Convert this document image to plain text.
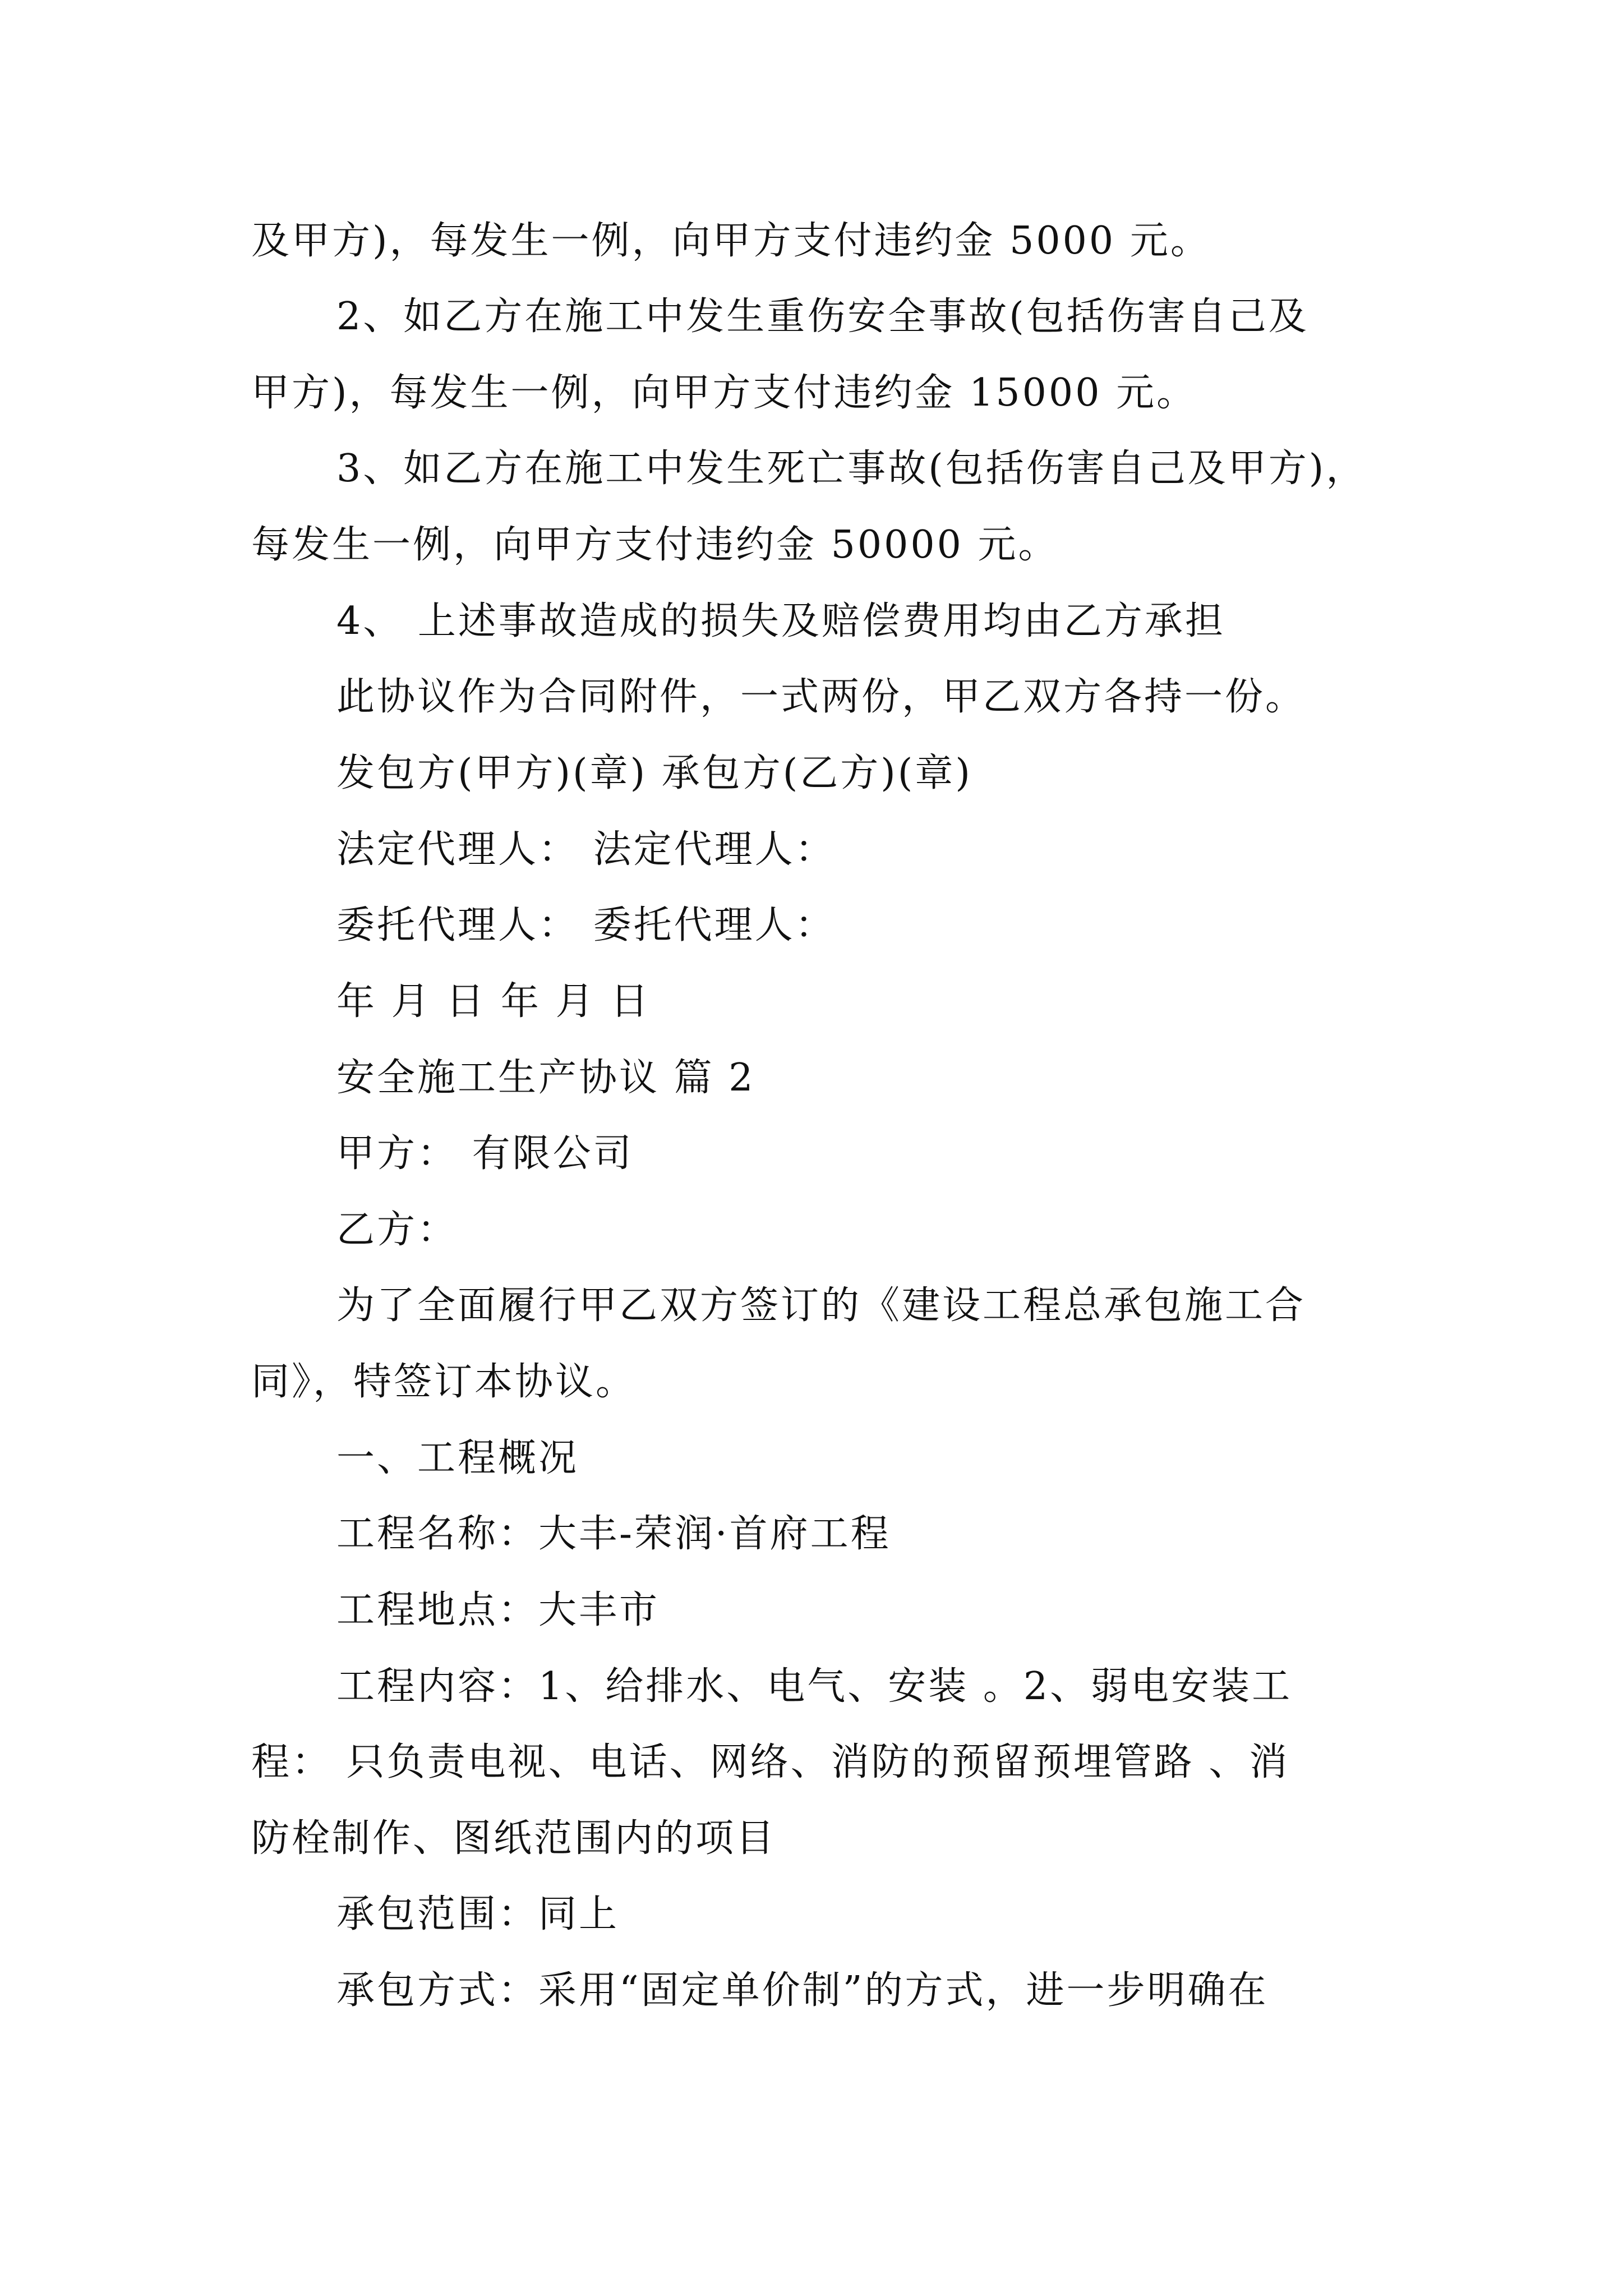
及甲方)，每发生一例，向甲方支付违约金 5000 元。
2、如乙方在施工中发生重伤安全事故(包括伤害自己及
甲方)，每发生一例，向甲方支付违约金 15000 元。
3、如乙方在施工中发生死亡事故(包括伤害自己及甲方)，
每发生一例，向甲方支付违约金 50000 元。
4、 上述事故造成的损失及赔偿费用均由乙方承担
此协议作为合同附件，一式两份，甲乙双方各持一份。
发包方(甲方)(章) 承包方(乙方)(章)
法定代理人： 法定代理人：
委托代理人： 委托代理人：
年 月 日 年 月 日
安全施工生产协议 篇 2
甲方： 有限公司
乙方：
为了全面履行甲乙双方签订的《建设工程总承包施工合
同》，特签订本协议。
一、工程概况
工程名称：大丰-荣润·首府工程
工程地点：大丰市
工程内容：1、给排水、电气、安装 。2、弱电安装工
程： 只负责电视、电话、网络、消防的预留预埋管路 、消
防栓制作、图纸范围内的项目
承包范围：同上
承包方式：采用“固定单价制”的方式，进一步明确在
